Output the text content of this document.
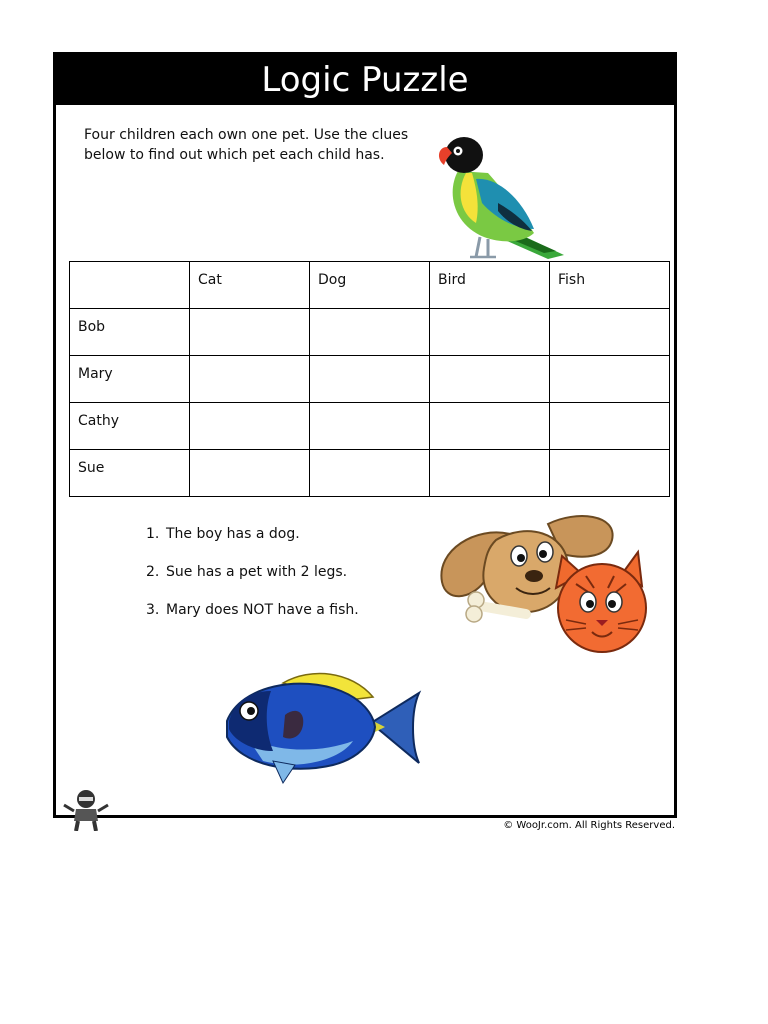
Logic Puzzle

Four children each own one pet. Use the clues below to find out which pet each child has.

	Cat	Dog	Bird	Fish

Bob				

Mary				

Cathy				

Sue				

1. The boy has a dog.
2. Sue has a pet with 2 legs.
3. Mary does NOT have a fish.
© WooJr.com. All Rights Reserved.
